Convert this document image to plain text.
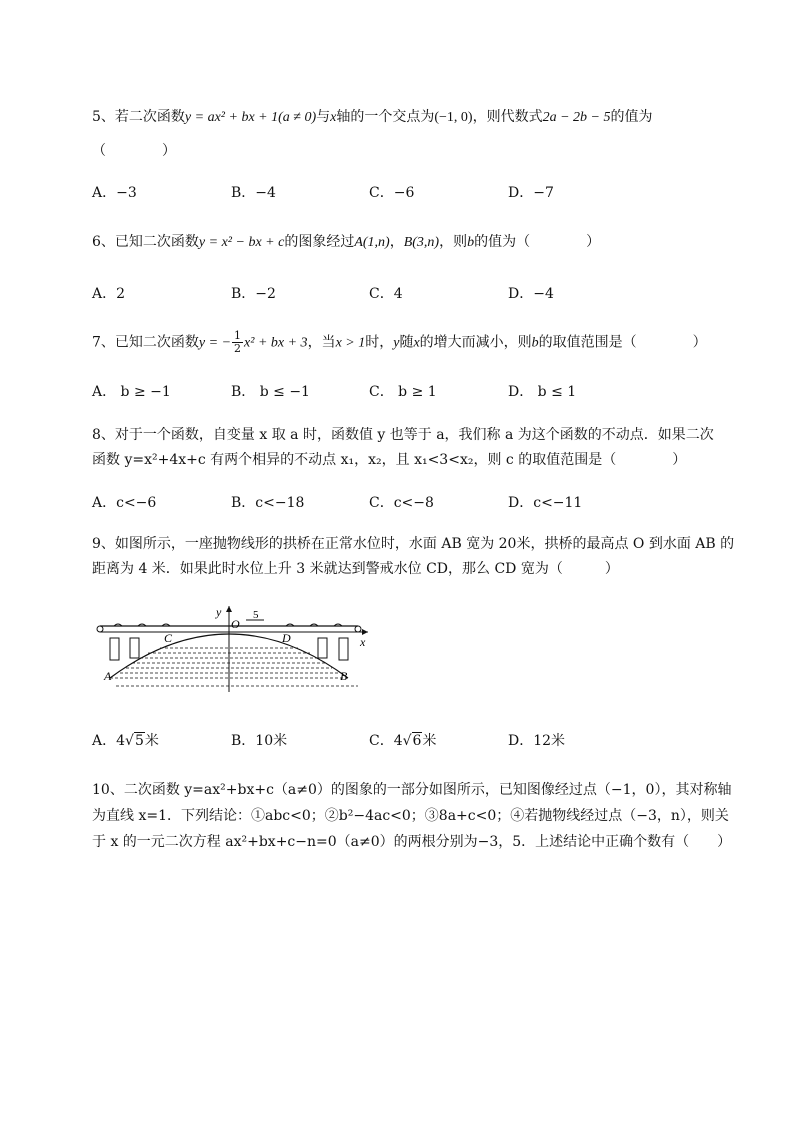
5、若二次函数y = ax² + bx + 1(a ≠ 0)与x轴的一个交点为(−1, 0)，则代数式2a − 2b − 5的值为
（　　　　）
A．−3	B．−4	C．−6	D．−7
6、已知二次函数y = x² − bx + c的图象经过A(1,n)，B(3,n)，则b的值为（　　　　）
A．2	B．−2	C．4	D．−4
7、已知二次函数y = − $\frac{1}{2} x^2$ + bx + 3，当x > 1时，y随x的增大而减小，则b的取值范围是（　　　　）
A． b ≥ −1	B． b ≤ −1	C． b ≥ 1	D． b ≤ 1
8、对于一个函数，自变量 x 取 a 时，函数值 y 也等于 a，我们称 a 为这个函数的不动点．如果二次
函数 y=x²+4x+c 有两个相异的不动点 x₁，x₂，且 x₁<3<x₂，则 c 的取值范围是（　　　　）
A．c<−6	B．c<−18	C．c<−8	D．c<−11
9、如图所示，一座抛物线形的拱桥在正常水位时，水面 AB 宽为 20米，拱桥的最高点 O 到水面 AB 的
距离为 4 米．如果此时水位上升 3 米就达到警戒水位 CD，那么 CD 宽为（　　　）
y
O
5
C	D
A	B
x
A．4√5米	B．10米	C．4√6米	D．12米
10、二次函数 y=ax²+bx+c（a≠0）的图象的一部分如图所示，已知图像经过点（−1，0），其对称轴
为直线 x=1．下列结论：①abc<0；②b²−4ac<0；③8a+c<0；④若抛物线经过点（−3，n），则关
于 x 的一元二次方程 ax²+bx+c−n=0（a≠0）的两根分别为−3，5．上述结论中正确个数有（　　）
